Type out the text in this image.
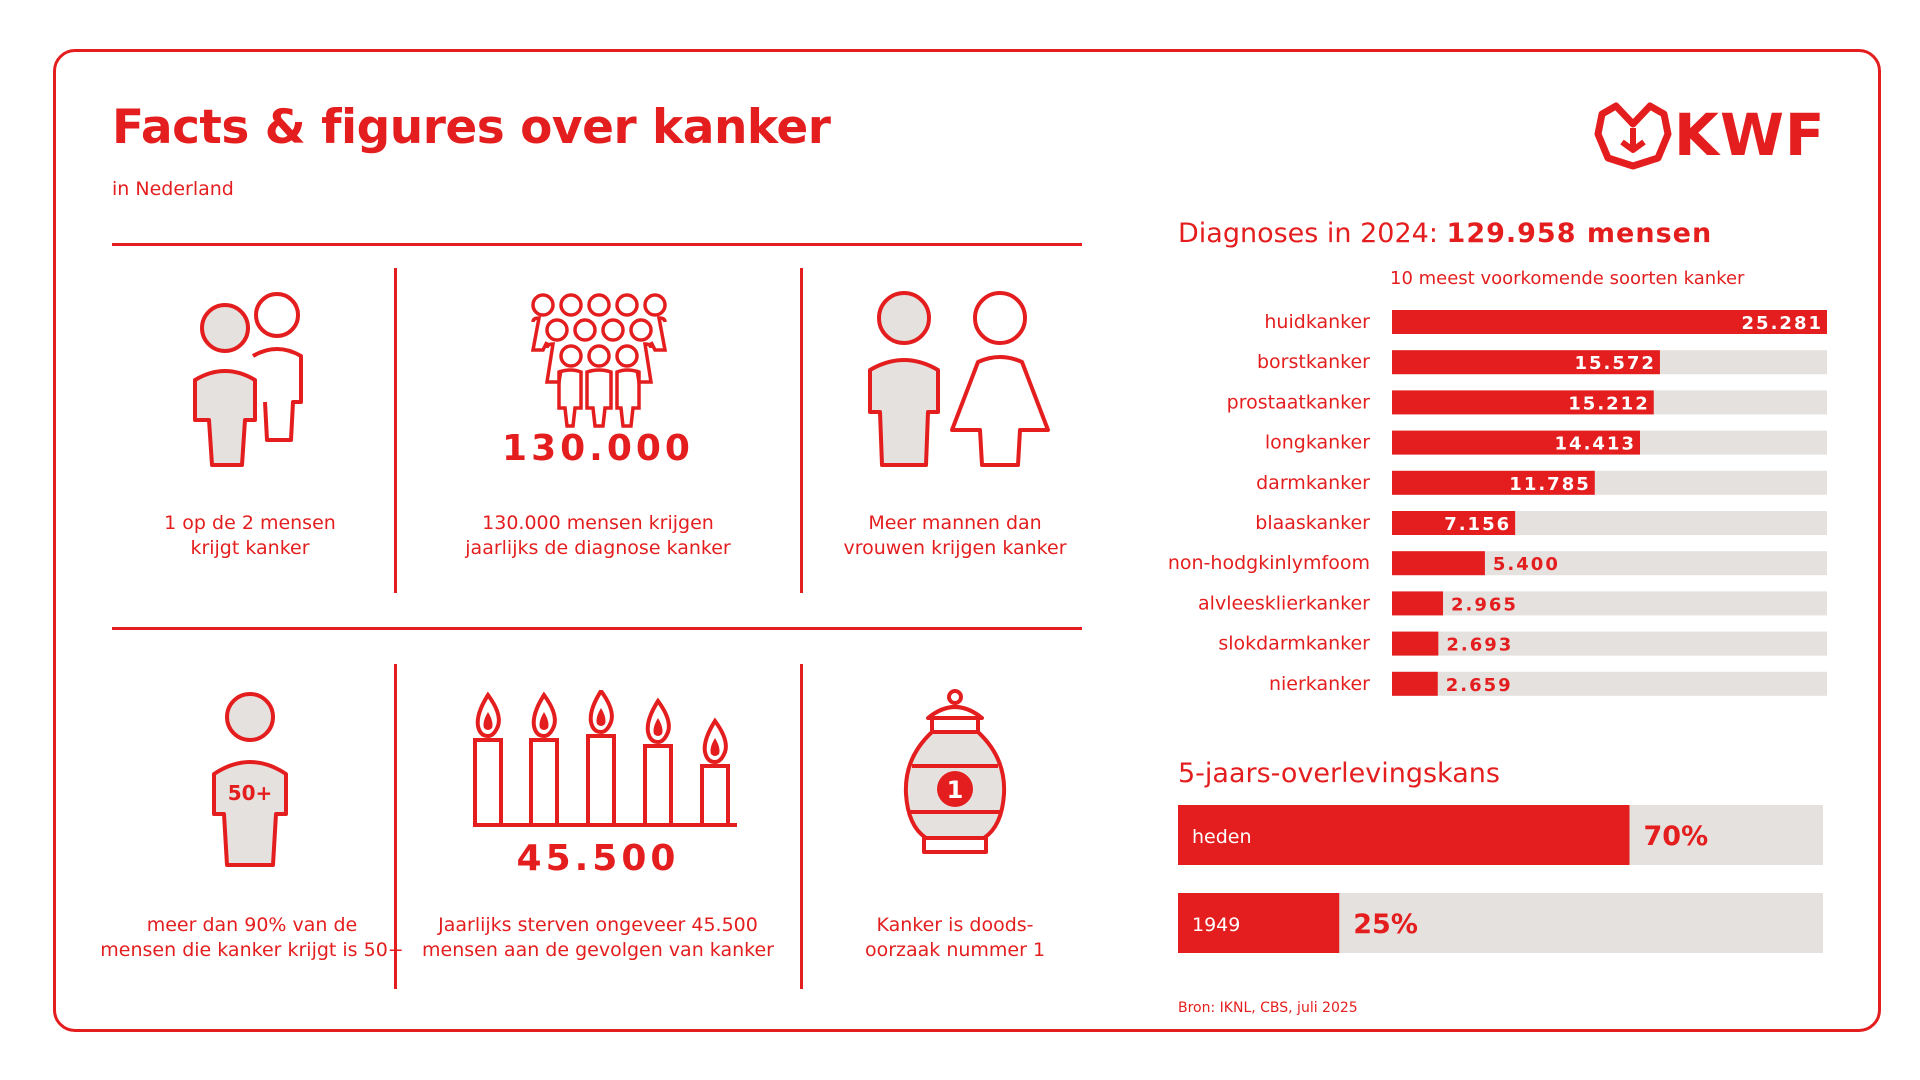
Facts & figures over kanker
in Nederland
KWF
1 op de 2 mensen
krijgt kanker
130.000
130.000 mensen krijgen
jaarlijks de diagnose kanker
Meer mannen dan
vrouwen krijgen kanker
50+
meer dan 90% van de
mensen die kanker krijgt is 50+
45.500
Jaarlijks sterven ongeveer 45.500
mensen aan de gevolgen van kanker
1
Kanker is doods-
oorzaak nummer 1
Diagnoses in 2024: 129.958 mensen
10 meest voorkomende soorten kanker
huidkanker	25.281
borstkanker	15.572
prostaatkanker	15.212
longkanker	14.413
darmkanker	11.785
blaaskanker	7.156
non-hodgkinlymfoom	5.400
alvleesklierkanker	2.965
slokdarmkanker	2.693
nierkanker	2.659
5-jaars-overlevingskans
heden	70%
1949	25%
Bron: IKNL, CBS, juli 2025
